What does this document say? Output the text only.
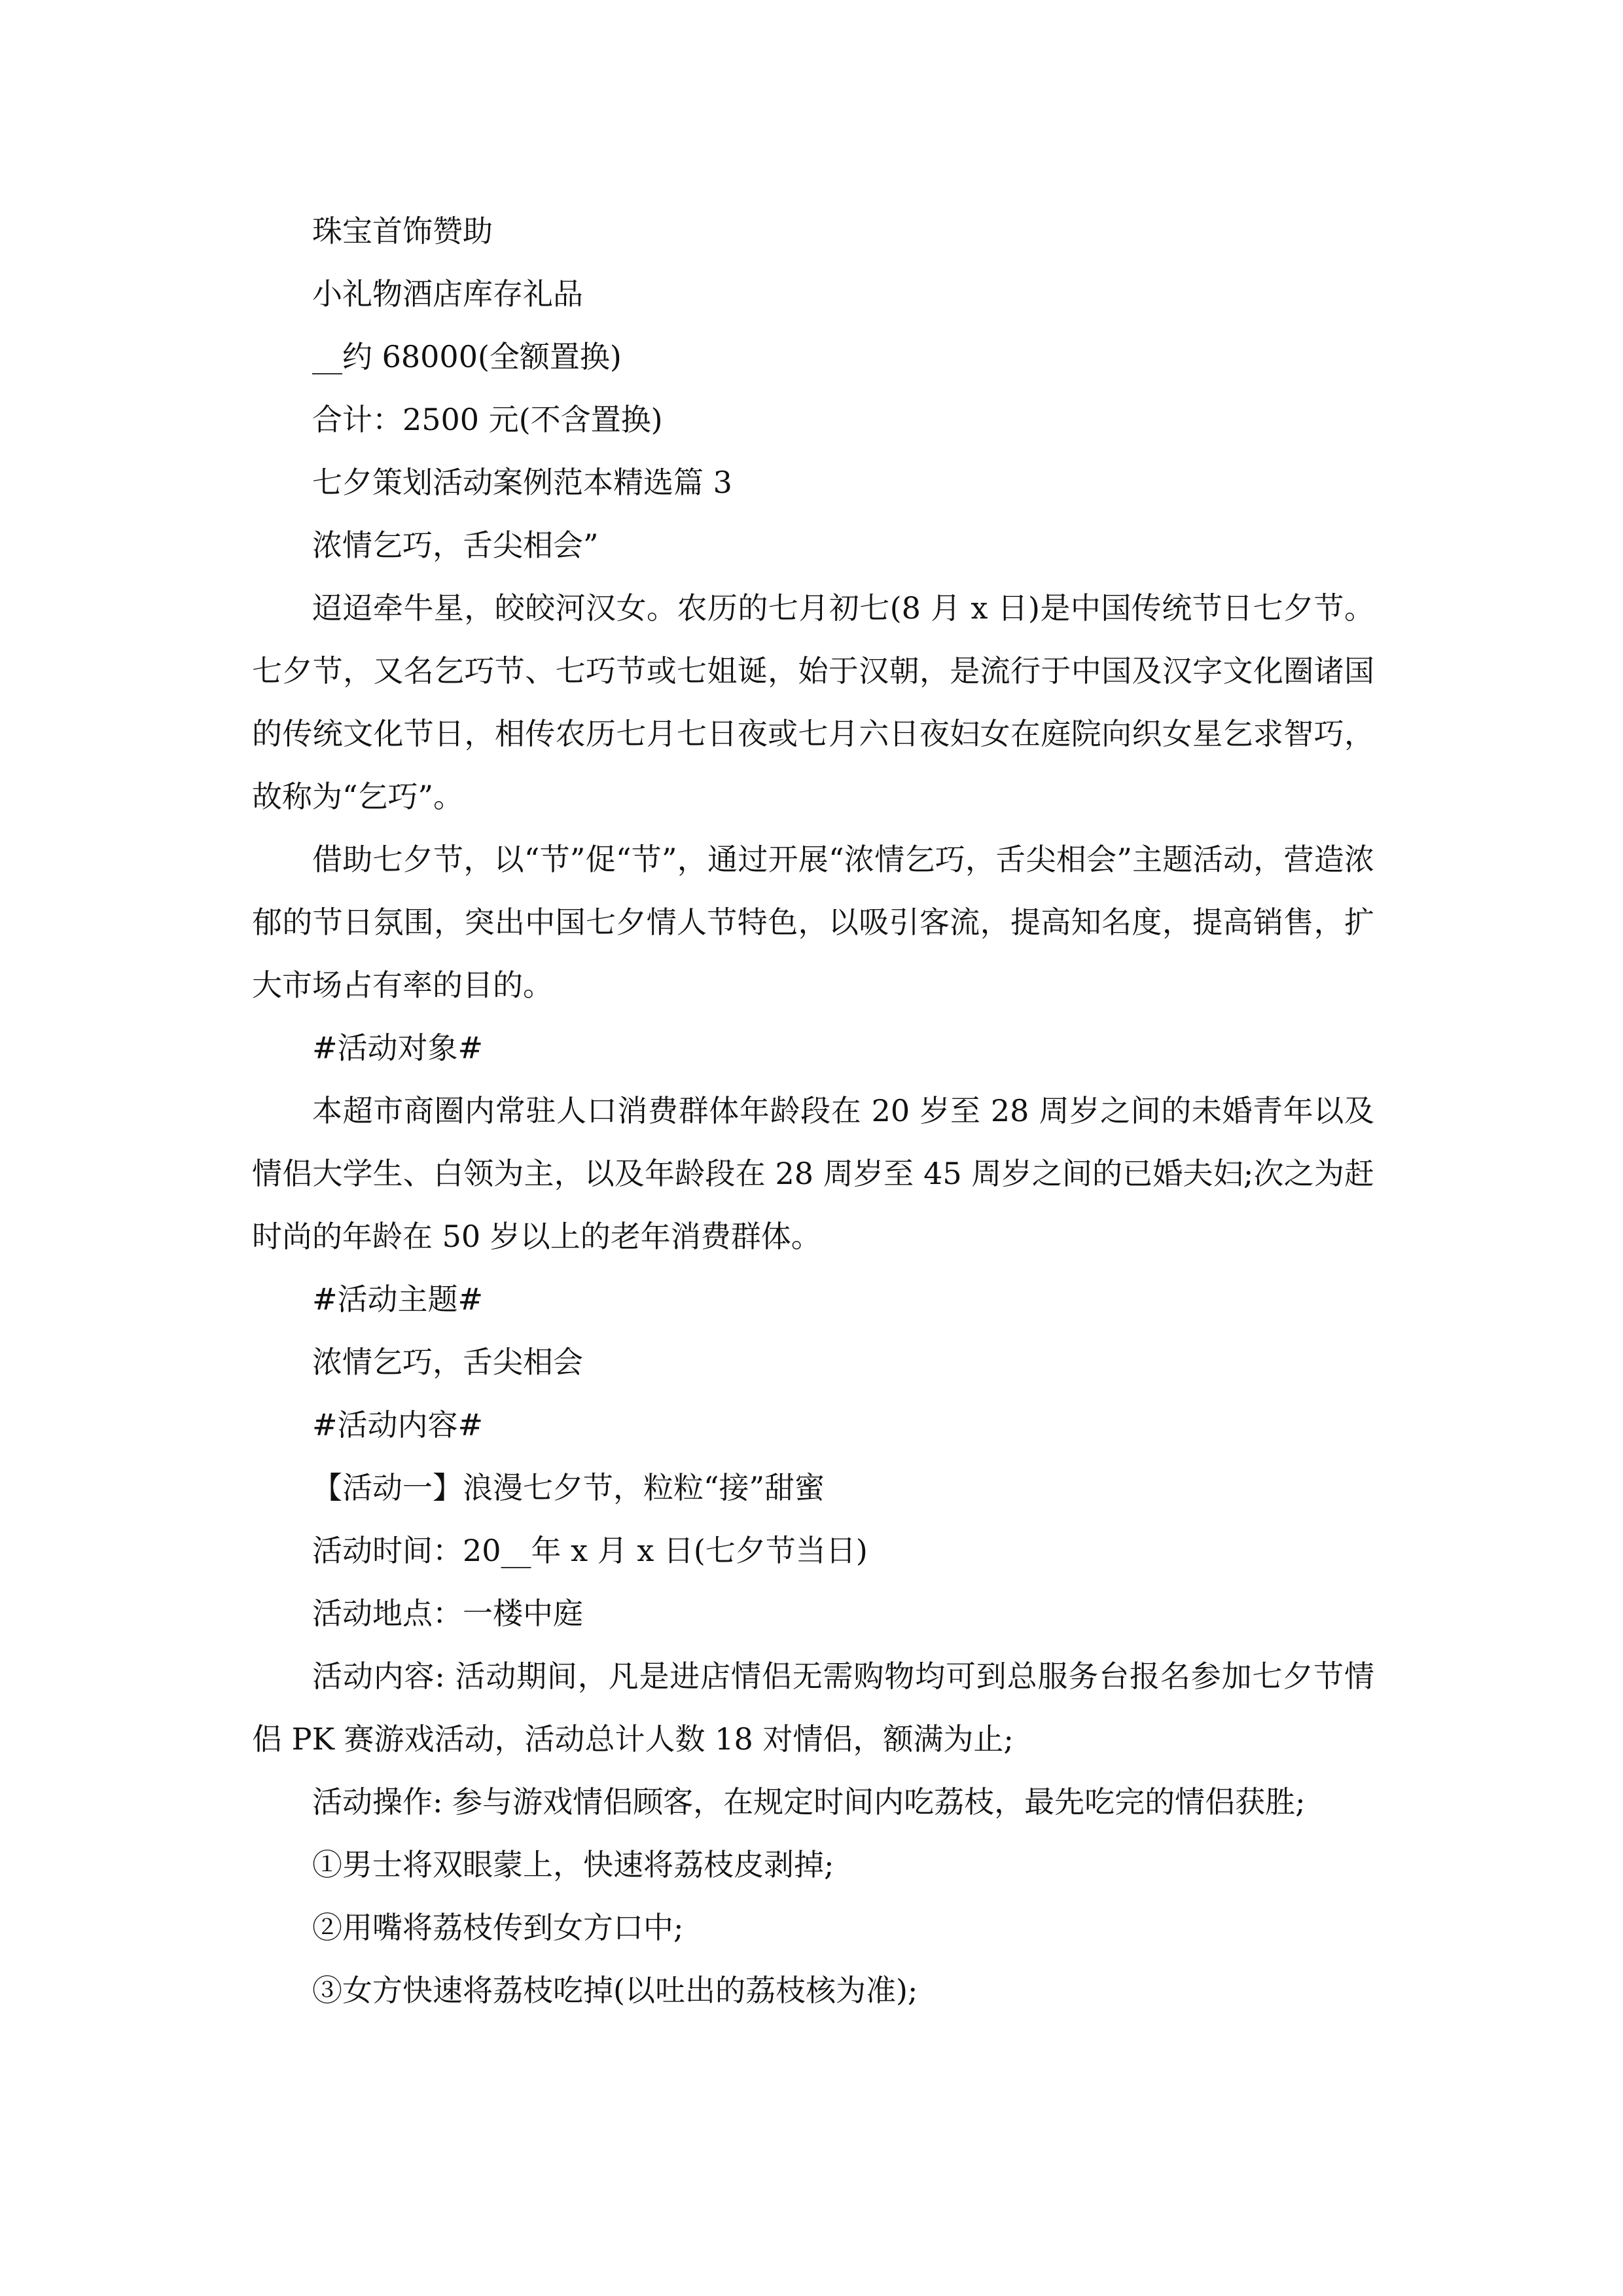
珠宝首饰赞助
小礼物酒店库存礼品
__约 68000(全额置换)
合计：2500 元(不含置换)
七夕策划活动案例范本精选篇 3
浓情乞巧，舌尖相会”

迢迢牵牛星，皎皎河汉女。农历的七月初七(8 月 x 日)是中国传统节日七夕节。七夕节，又名乞巧节、七巧节或七姐诞，始于汉朝，是流行于中国及汉字文化圈诸国的传统文化节日，相传农历七月七日夜或七月六日夜妇女在庭院向织女星乞求智巧，故称为“乞巧”。

借助七夕节，以“节”促“节”，通过开展“浓情乞巧，舌尖相会”主题活动，营造浓郁的节日氛围，突出中国七夕情人节特色，以吸引客流，提高知名度，提高销售，扩大市场占有率的目的。

#活动对象#

本超市商圈内常驻人口消费群体年龄段在 20 岁至 28 周岁之间的未婚青年以及情侣大学生、白领为主，以及年龄段在 28 周岁至 45 周岁之间的已婚夫妇;次之为赶时尚的年龄在 50 岁以上的老年消费群体。

#活动主题#
浓情乞巧，舌尖相会
#活动内容#
【活动一】浪漫七夕节，粒粒“接”甜蜜
活动时间：20__年 x 月 x 日(七夕节当日)
活动地点：一楼中庭

活动内容: 活动期间，凡是进店情侣无需购物均可到总服务台报名参加七夕节情侣 PK 赛游戏活动，活动总计人数 18 对情侣，额满为止;

活动操作: 参与游戏情侣顾客，在规定时间内吃荔枝，最先吃完的情侣获胜;
①男士将双眼蒙上，快速将荔枝皮剥掉;
②用嘴将荔枝传到女方口中;
③女方快速将荔枝吃掉(以吐出的荔枝核为准);
